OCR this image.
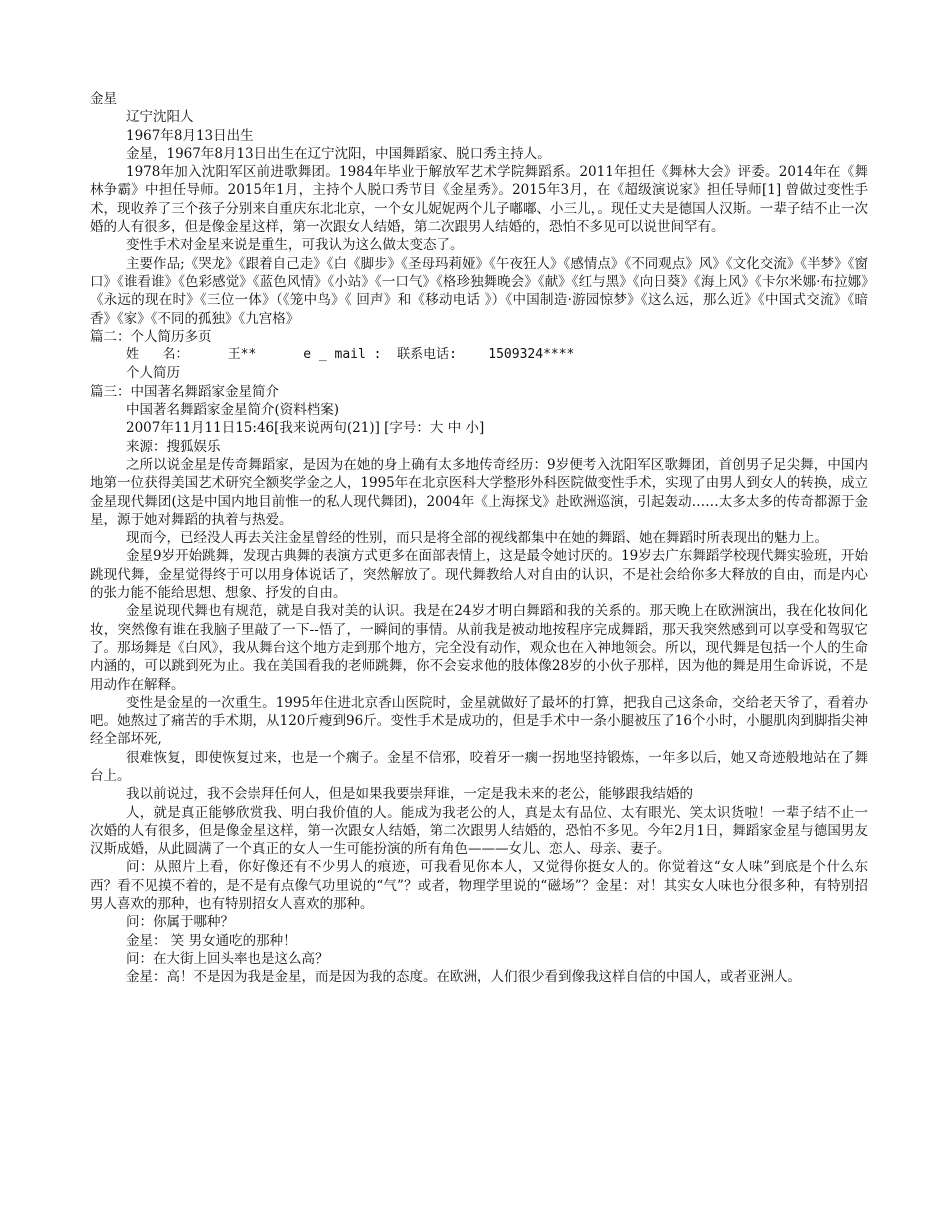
金星

辽宁沈阳人

1967年8月13日出生

金星，1967年8月13日出生在辽宁沈阳，中国舞蹈家、脱口秀主持人。

1978年加入沈阳军区前进歌舞团。1984年毕业于解放军艺术学院舞蹈系。2011年担任《舞林大会》评委。2014年在《舞林争霸》中担任导师。2015年1月，主持个人脱口秀节目《金星秀》。2015年3月，在《超级演说家》担任导师[1] 曾做过变性手术，现收养了三个孩子分别来自重庆东北北京，一个女儿妮妮两个儿子嘟嘟、小三儿，。现任丈夫是德国人汉斯。一辈子结不止一次婚的人有很多，但是像金星这样，第一次跟女人结婚，第二次跟男人结婚的，恐怕不多见可以说世间罕有。

变性手术对金星来说是重生，可我认为这么做太变态了。

主要作品;《哭龙》《跟着自己走》《白《脚步》《圣母玛莉娅》《午夜狂人》《感情点》《不同观点》风》《文化交流》《半梦》《窗口》《谁看谁》《色彩感觉》《蓝色风情》《小站》《一口气》《格珍独舞晚会》《献》《红与黑》《向日葵》《海上风》《卡尔米娜·布拉娜》《永远的现在时》《三位一体》（《笼中鸟》《 回声》和《移动电话 》）《中国制造·游园惊梦》《这么远，那么近》《中国式交流》《暗香》《家》《不同的孤独》《九宫格》

篇二：个人简历多页

姓   名：     王**      e _ mail :  联系电话:    1509324****

个人简历

篇三：中国著名舞蹈家金星简介

中国著名舞蹈家金星简介(资料档案)

2007年11月11日15:46[我来说两句(21)] [字号：大 中 小]

来源：搜狐娱乐

之所以说金星是传奇舞蹈家，是因为在她的身上确有太多地传奇经历：9岁便考入沈阳军区歌舞团，首创男子足尖舞，中国内地第一位获得美国艺术研究全额奖学金之人，1995年在北京医科大学整形外科医院做变性手术，实现了由男人到女人的转换，成立金星现代舞团(这是中国内地目前惟一的私人现代舞团)，2004年《上海探戈》赴欧洲巡演，引起轰动……太多太多的传奇都源于金星，源于她对舞蹈的执着与热爱。

现而今，已经没人再去关注金星曾经的性别，而只是将全部的视线都集中在她的舞蹈、她在舞蹈时所表现出的魅力上。

金星9岁开始跳舞，发现古典舞的表演方式更多在面部表情上，这是最令她讨厌的。19岁去广东舞蹈学校现代舞实验班，开始跳现代舞，金星觉得终于可以用身体说话了，突然解放了。现代舞教给人对自由的认识，不是社会给你多大释放的自由，而是内心的张力能不能给思想、想象、抒发的自由。

金星说现代舞也有规范，就是自我对美的认识。我是在24岁才明白舞蹈和我的关系的。那天晚上在欧洲演出，我在化妆间化妆，突然像有谁在我脑子里敲了一下--悟了，一瞬间的事情。从前我是被动地按程序完成舞蹈，那天我突然感到可以享受和驾驭它了。那场舞是《白风》，我从舞台这个地方走到那个地方，完全没有动作，观众也在入神地领会。所以，现代舞是包括一个人的生命内涵的，可以跳到死为止。我在美国看我的老师跳舞，你不会妄求他的肢体像28岁的小伙子那样，因为他的舞是用生命诉说，不是用动作在解释。

变性是金星的一次重生。1995年住进北京香山医院时，金星就做好了最坏的打算，把我自己这条命，交给老天爷了，看着办吧。她熬过了痛苦的手术期，从120斤瘦到96斤。变性手术是成功的，但是手术中一条小腿被压了16个小时，小腿肌肉到脚指尖神经全部坏死,

很难恢复，即使恢复过来，也是一个瘸子。金星不信邪，咬着牙一瘸一拐地坚持锻炼，一年多以后，她又奇迹般地站在了舞台上。

我以前说过，我不会崇拜任何人，但是如果我要崇拜谁，一定是我未来的老公，能够跟我结婚的

人，就是真正能够欣赏我、明白我价值的人。能成为我老公的人，真是太有品位、太有眼光、笑太识货啦！一辈子结不止一次婚的人有很多，但是像金星这样，第一次跟女人结婚，第二次跟男人结婚的，恐怕不多见。今年2月1日，舞蹈家金星与德国男友汉斯成婚，从此圆满了一个真正的女人一生可能扮演的所有角色———女儿、恋人、母亲、妻子。

问：从照片上看，你好像还有不少男人的痕迹，可我看见你本人，又觉得你挺女人的。你觉着这“女人味”到底是个什么东西？看不见摸不着的，是不是有点像气功里说的“气”？或者，物理学里说的“磁场”？金星：对！其实女人味也分很多种，有特别招男人喜欢的那种，也有特别招女人喜欢的那种。

问：你属于哪种？

金星： 笑 男女通吃的那种！

问：在大街上回头率也是这么高？

金星：高！不是因为我是金星，而是因为我的态度。在欧洲，人们很少看到像我这样自信的中国人，或者亚洲人。
